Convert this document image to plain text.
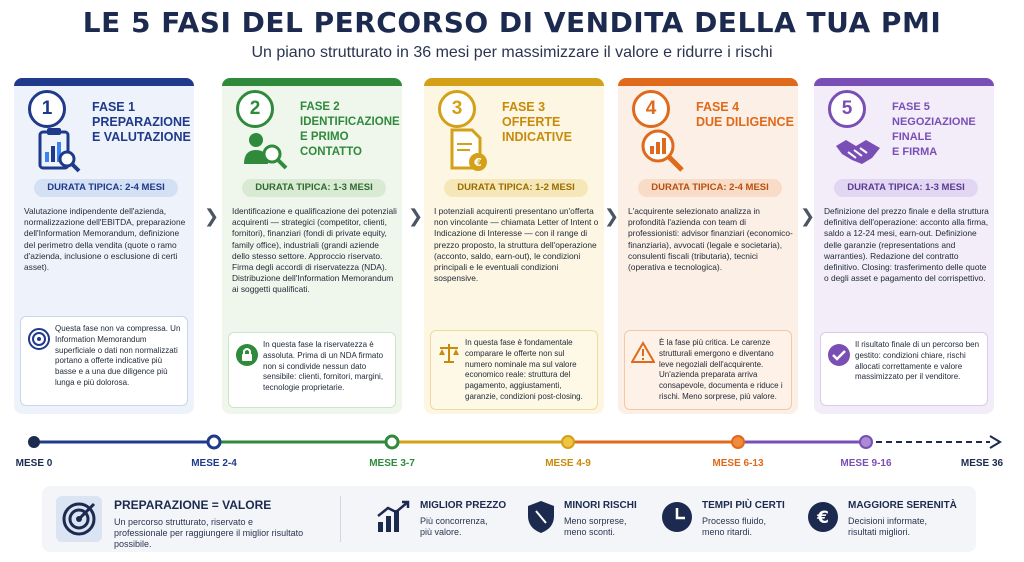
LE 5 FASI DEL PERCORSO DI VENDITA DELLA TUA PMI
Un piano strutturato in 36 mesi per massimizzare il valore e ridurre i rischi
1	FASE 1
PREPARAZIONE
E VALUTAZIONE
DURATA TIPICA: 2-4 MESI
Valutazione indipendente dell'azienda, normalizzazione dell'EBITDA, preparazione dell'Information Memorandum, definizione del perimetro della vendita (quote o ramo d'azienda, inclusione o esclusione di certi asset).
Questa fase non va compressa. Un Information Memorandum superficiale o dati non normalizzati portano a offerte indicative più basse e a una due diligence più lunga e più dolorosa.
2	FASE 2
IDENTIFICAZIONE
E PRIMO CONTATTO
DURATA TIPICA: 1-3 MESI
Identificazione e qualificazione dei potenziali acquirenti — strategici (competitor, clienti, fornitori), finanziari (fondi di private equity, family office), industriali (grandi aziende dello stesso settore. Approccio riservato. Firma degli accordi di riservatezza (NDA). Distribuzione dell'Information Memorandum ai soggetti qualificati.
In questa fase la riservatezza è assoluta. Prima di un NDA firmato non si condivide nessun dato sensibile: clienti, fornitori, margini, tecnologie proprietarie.
3	FASE 3
OFFERTE
INDICATIVE
€
DURATA TIPICA: 1-2 MESI
I potenziali acquirenti presentano un'offerta non vincolante — chiamata Letter of Intent o Indicazione di Interesse — con il range di prezzo proposto, la struttura dell'operazione (acconto, saldo, earn-out), le condizioni principali e le eventuali condizioni sospensive.
In questa fase è fondamentale comparare le offerte non sul numero nominale ma sul valore economico reale: struttura del pagamento, aggiustamenti, garanzie, condizioni post-closing.
4	FASE 4
DUE DILIGENCE
DURATA TIPICA: 2-4 MESI
L'acquirente selezionato analizza in profondità l'azienda con team di professionisti: advisor finanziari (economico-finanziaria), avvocati (legale e societaria), consulenti fiscali (tributaria), tecnici (operativa e tecnologica).
È la fase più critica. Le carenze strutturali emergono e diventano leve negoziali dell'acquirente. Un'azienda preparata arriva consapevole, documenta e riduce i rischi. Meno sorprese, più valore.
5	FASE 5
NEGOZIAZIONE FINALE
E FIRMA
DURATA TIPICA: 1-3 MESI
Definizione del prezzo finale e della struttura definitiva dell'operazione: acconto alla firma, saldo a 12-24 mesi, earn-out. Definizione delle garanzie (representations and warranties). Redazione del contratto definitivo. Closing: trasferimento delle quote o degli asset e pagamento del corrispettivo.
Il risultato finale di un percorso ben gestito: condizioni chiare, rischi allocati correttamente e valore massimizzato per il venditore.
❯	❯	❯	❯
MESE 0	MESE 2-4	MESE 3-7	MESE 4-9	MESE 6-13	MESE 9-16	MESE 36
PREPARAZIONE = VALORE
Un percorso strutturato, riservato e professionale per raggiungere il miglior risultato possibile.
MIGLIOR PREZZO
Più concorrenza,
più valore.
MINORI RISCHI
Meno sorprese,
meno sconti.
TEMPI PIÙ CERTI
Processo fluido,
meno ritardi.
€
MAGGIORE SERENITÀ
Decisioni informate,
risultati migliori.
